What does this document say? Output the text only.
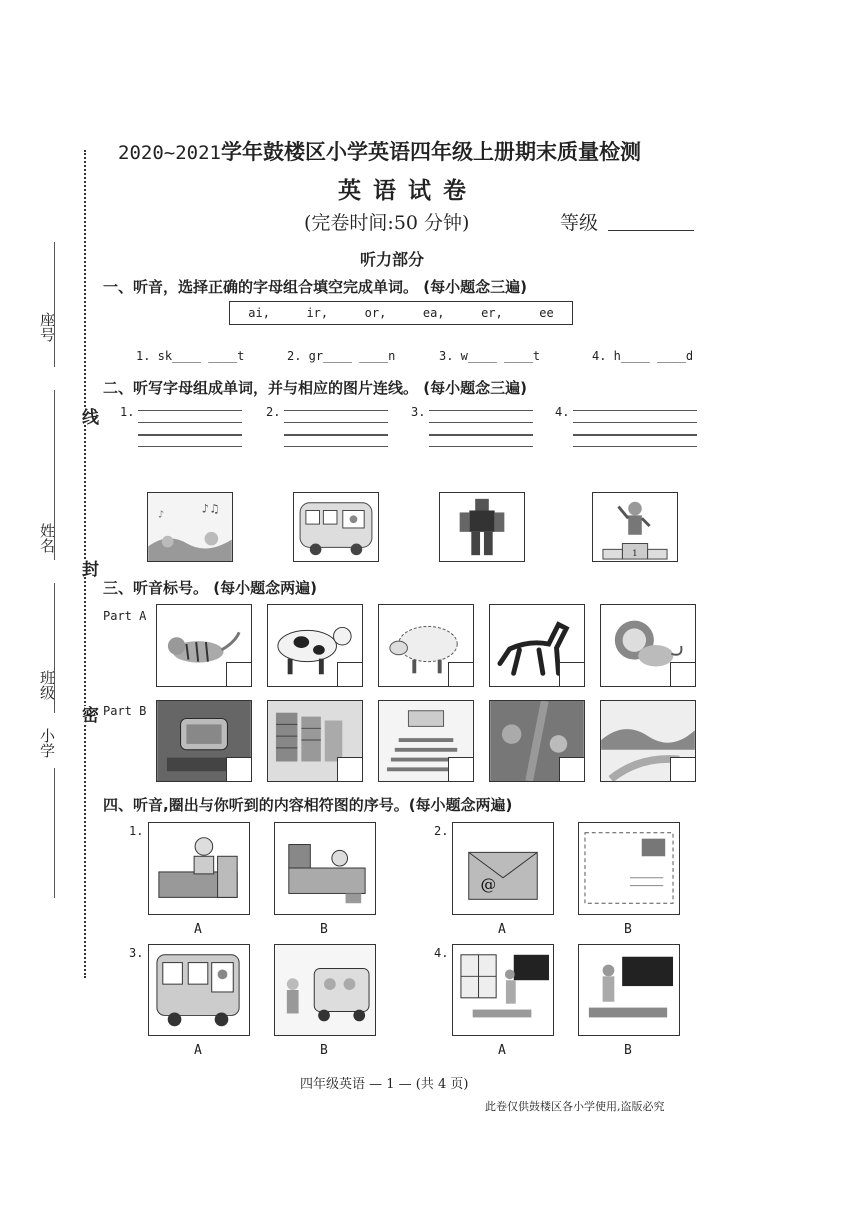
座号
姓名
班级
小学
线
封
密
2020~2021学年鼓楼区小学英语四年级上册期末质量检测
英 语 试 卷
(完卷时间:50 分钟)	等级
听力部分
一、听音，选择正确的字母组合填空完成单词。 (每小题念三遍)
ai,	ir,	or,	ea,	er,	ee
1. sk____ ____t	2. gr____ ____n	3. w____ ____t	4. h____ ____d
二、听写字母组成单词，并与相应的图片连线。 (每小题念三遍)
1.	2.	3.	4.
♪♫
♪
1
三、听音标号。 (每小题念两遍)
Part A
Part B
四、听音,圈出与你听到的内容相符图的序号。(每小题念两遍)
1.
A	B
2.
@
A	B
3.
A	B
4.
A	B
四年级英语 — 1 — (共 4 页)
此卷仅供鼓楼区各小学使用,盗版必究
